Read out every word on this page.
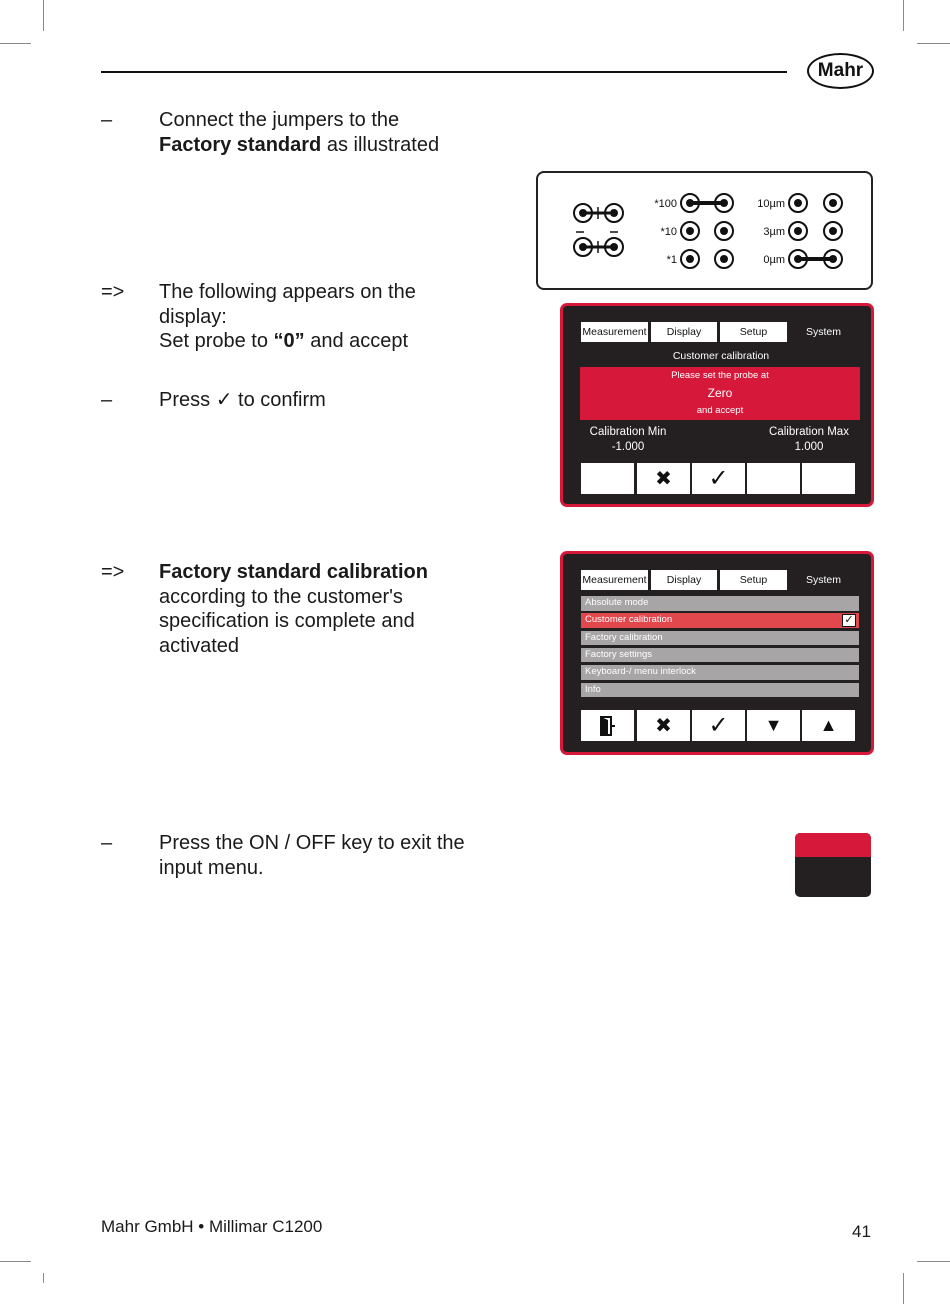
Mahr
–	Connect the jumpers to the
Factory standard as illustrated
=>	The following appears on the
display:
Set probe to “0” and accept
–	Press ✓ to confirm
=>	Factory standard calibration
according to the customer's
specification is complete and
activated
–	Press the ON / OFF key to exit the
input menu.
*100
*10
*1
10µm
3µm
0µm
Measurement	Display	Setup	System
Customer calibration
Please set the probe at
Zero
and accept
Calibration Min
-1.000
Calibration Max
1.000
✖ ✓
Measurement	Display	Setup	System
Absolute mode
Customer calibration	✓
Factory calibration
Factory settings
Keyboard-/ menu interlock
Info
✖ ✓ ▼ ▲
Mahr GmbH • Millimar C1200	41
